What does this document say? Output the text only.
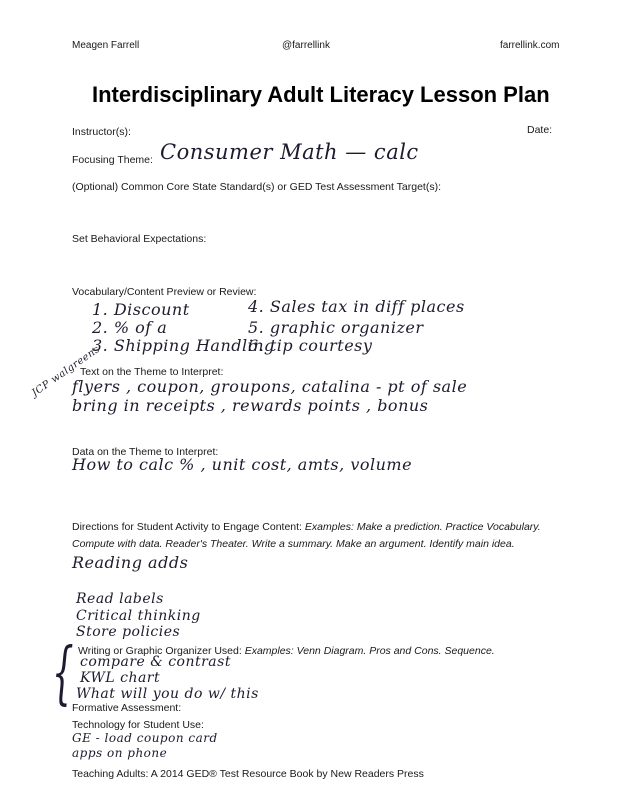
Meagen Farrell	@farrellink	farrellink.com
Interdisciplinary Adult Literacy Lesson Plan
Instructor(s):	Date:
Focusing Theme: Consumer Math — calc
(Optional) Common Core State Standard(s) or GED Test Assessment Target(s):
Set Behavioral Expectations:
Vocabulary/Content Preview or Review:
1. Discount
2. % of a
3. Shipping Handling
4. Sales tax in diff places
5. graphic organizer
6. tip courtesy
JCP walgreens
Text on the Theme to Interpret:
flyers , coupon, groupons, catalina - pt of sale
bring in receipts , rewards points , bonus
Data on the Theme to Interpret:
How to calc % , unit cost, amts, volume
Directions for Student Activity to Engage Content: Examples: Make a prediction. Practice Vocabulary.
Compute with data. Reader's Theater. Write a summary. Make an argument. Identify main idea.
Reading adds
Read labels
Critical thinking
Store policies
{ Writing or Graphic Organizer Used: Examples: Venn Diagram. Pros and Cons. Sequence.
compare & contrast
KWL chart
What will you do w/ this
Formative Assessment:
Technology for Student Use:
GE - load coupon card
apps on phone
Teaching Adults: A 2014 GED® Test Resource Book by New Readers Press
